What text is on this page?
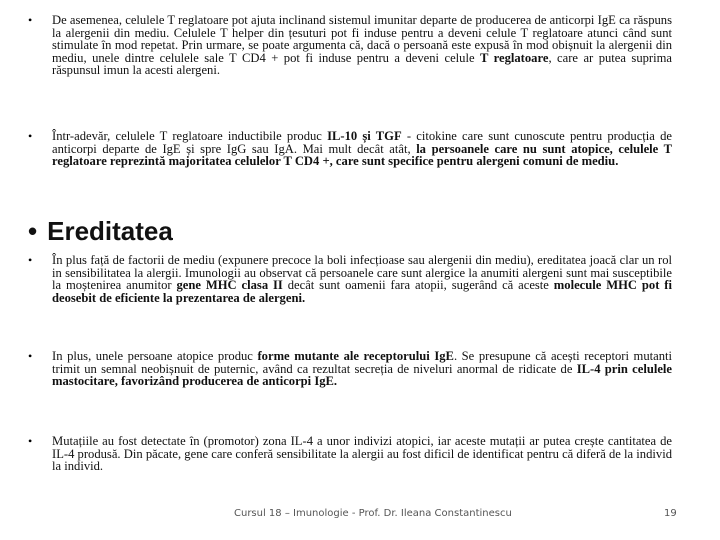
• De asemenea, celulele T reglatoare pot ajuta inclinand sistemul imunitar departe de producerea de anticorpi IgE ca răspuns la alergenii din mediu. Celulele T helper din țesuturi pot fi induse pentru a deveni celule T reglatoare atunci când sunt stimulate în mod repetat. Prin urmare, se poate argumenta că, dacă o persoană este expusă în mod obișnuit la alergenii din mediu, unele dintre celulele sale T CD4 + pot fi induse pentru a deveni celule T reglatoare, care ar putea suprima răspunsul imun la acesti alergeni.
• Într-adevăr, celulele T reglatoare inductibile produc IL-10 și TGF - citokine care sunt cunoscute pentru producția de anticorpi departe de IgE și spre IgG sau IgA. Mai mult decât atât, la persoanele care nu sunt atopice, celulele T reglatoare reprezintă majoritatea celulelor T CD4 +, care sunt specifice pentru alergeni comuni de mediu.
• Ereditatea
• În plus față de factorii de mediu (expunere precoce la boli infecțioase sau alergenii din mediu), ereditatea joacă clar un rol in sensibilitatea la alergii. Imunologii au observat că persoanele care sunt alergice la anumiti alergeni sunt mai susceptibile la moștenirea anumitor gene MHC clasa II decât sunt oamenii fara atopii, sugerând că aceste molecule MHC pot fi deosebit de eficiente la prezentarea de alergeni.
• In plus, unele persoane atopice produc forme mutante ale receptorului IgE. Se presupune că acești receptori mutanti trimit un semnal neobișnuit de puternic, având ca rezultat secreția de niveluri anormal de ridicate de IL-4 prin celulele mastocitare, favorizând producerea de anticorpi IgE.
• Mutațiile au fost detectate în (promotor) zona IL-4 a unor indivizi atopici, iar aceste mutații ar putea crește cantitatea de IL-4 produsă. Din păcate, gene care conferă sensibilitate la alergii au fost dificil de identificat pentru că diferă de la individ la individ.
Cursul 18 – Imunologie - Prof. Dr. Ileana Constantinescu	19
